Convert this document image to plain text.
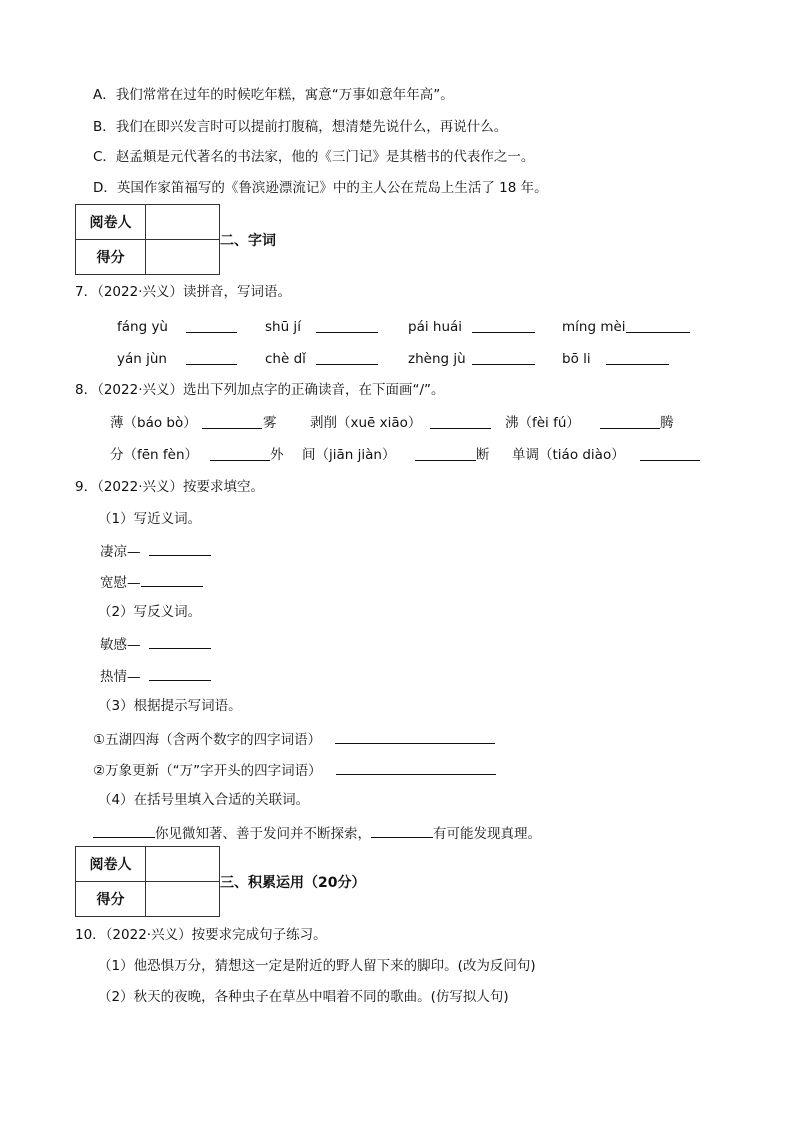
A．我们常常在过年的时候吃年糕，寓意“万事如意年年高”。
B．我们在即兴发言时可以提前打腹稿，想清楚先说什么，再说什么。
C．赵孟頫是元代著名的书法家，他的《三门记》是其楷书的代表作之一。
D．英国作家笛福写的《鲁滨逊漂流记》中的主人公在荒岛上生活了 18 年。
阅卷人	
得分	
二、字词
7．（2022·兴义）读拼音，写词语。
fáng yù	shū jí	pái huái	míng mèi
yán jùn	chè dǐ	zhèng jù	bō li
8．（2022·兴义）选出下列加点字的正确读音，在下面画“/”。
薄（báo bò）	雾 剥削（xuē xiāo）	沸（fèi fú）	腾
分（fēn fèn）	外 间（jiān jiàn）	断 单调（tiáo diào）
9．（2022·兴义）按要求填空。
（1）写近义词。
凄凉—
宽慰—
（2）写反义词。
敏感—
热情—
（3）根据提示写词语。
①五湖四海（含两个数字的四字词语）
②万象更新（“万”字开头的四字词语）
（4）在括号里填入合适的关联词。
你见微知著、善于发问并不断探索，	有可能发现真理。
阅卷人	
得分	
三、积累运用（20分）
10．（2022·兴义）按要求完成句子练习。
（1）他恐惧万分，猜想这一定是附近的野人留下来的脚印。(改为反问句)
（2）秋天的夜晚，各种虫子在草丛中唱着不同的歌曲。(仿写拟人句)
